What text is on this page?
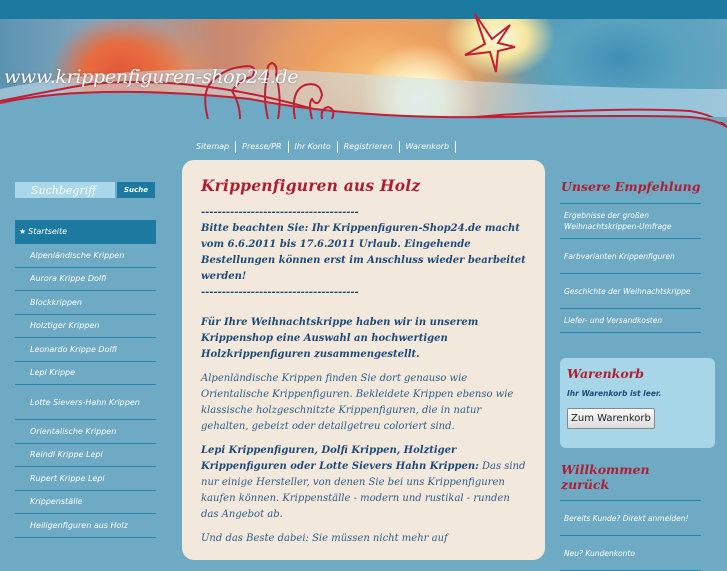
www.krippenfiguren-shop24.de
Sitemap	Presse/PR	Ihr Konto	Registrieren	Warenkorb
Suchbegriff
Suche
★ Startseite
Alpenländische Krippen
Aurora Krippe Dolfi
Blockkrippen
Holztiger Krippen
Leonardo Krippe Dolfi
Lepi Krippe
Lotte Sievers-Hahn Krippen
Orientalische Krippen
Reindl Krippe Lepi
Rupert Krippe Lepi
Krippenställe
Heiligenfiguren aus Holz
Krippenfiguren aus Holz

--------------------------------------
Bitte beachten Sie: Ihr Krippenfiguren-Shop24.de macht vom 6.6.2011 bis 17.6.2011 Urlaub. Eingehende Bestellungen können erst im Anschluss wieder bearbeitet werden!
--------------------------------------

Für Ihre Weihnachtskrippe haben wir in unserem Krippenshop eine Auswahl an hochwertigen Holzkrippenfiguren zusammengestellt.

Alpenländische Krippen finden Sie dort genauso wie Orientalische Krippenfiguren. Bekleidete Krippen ebenso wie klassische holzgeschnitzte Krippenfiguren, die in natur gehalten, gebeizt oder detailgetreu coloriert sind.

Lepi Krippenfiguren, Dolfi Krippen, Holztiger Krippenfiguren oder Lotte Sievers Hahn Krippen: Das sind nur einige Hersteller, von denen Sie bei uns Krippenfiguren kaufen können. Krippenställe - modern und rustikal - runden das Angebot ab.

Und das Beste dabei: Sie müssen nicht mehr auf

Unsere Empfehlung
Ergebnisse der großen Weihnachtskrippen-Umfrage
Farbvarianten Krippenfiguren
Geschichte der Weihnachtskrippe
Liefer- und Versandkosten
Warenkorb
Ihr Warenkorb ist leer.
Zum Warenkorb
Willkommen zurück
Bereits Kunde? Direkt anmelden!
Neu? Kundenkonto
